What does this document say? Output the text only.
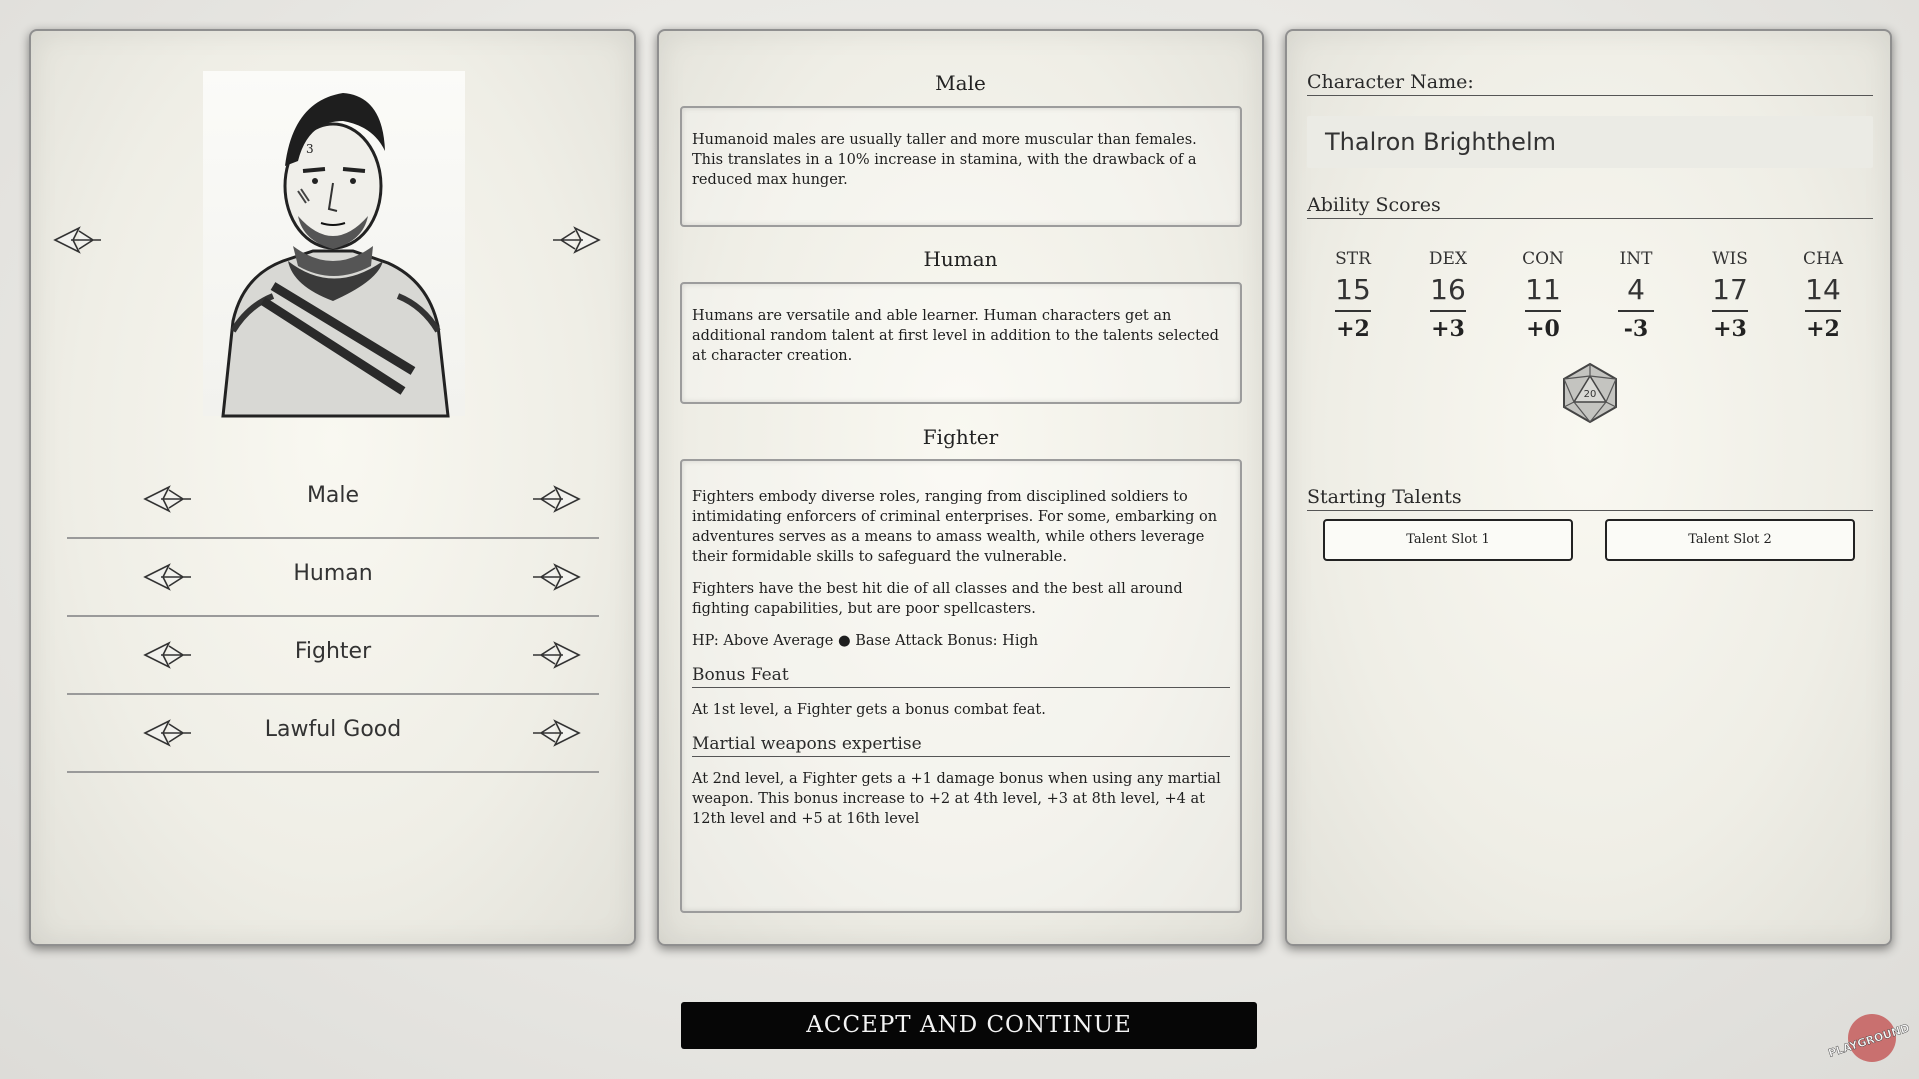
3
Male
Human
Fighter
Lawful Good
Male

Humanoid males are usually taller and more muscular than females. This translates in a 10% increase in stamina, with the drawback of a reduced max hunger.

Human

Humans are versatile and able learner. Human characters get an additional random talent at first level in addition to the talents selected at character creation.

Fighter

Fighters embody diverse roles, ranging from disciplined soldiers to intimidating enforcers of criminal enterprises. For some, embarking on adventures serves as a means to amass wealth, while others leverage their formidable skills to safeguard the vulnerable.

Fighters have the best hit die of all classes and the best all around fighting capabilities, but are poor spellcasters.

HP: Above Average ● Base Attack Bonus: High

Bonus Feat

At 1st level, a Fighter gets a bonus combat feat.

Martial weapons expertise

At 2nd level, a Fighter gets a +1 damage bonus when using any martial weapon. This bonus increase to +2 at 4th level, +3 at 8th level, +4 at 12th level and +5 at 16th level

Character Name:
Thalron Brighthelm
Ability Scores
STR
15
+2
DEX
16
+3
CON
11
+0
INT
4
-3
WIS
17
+3
CHA
14
+2
20
Starting Talents
Talent Slot 1	Talent Slot 2
ACCEPT AND CONTINUE	PLAYGROUND
